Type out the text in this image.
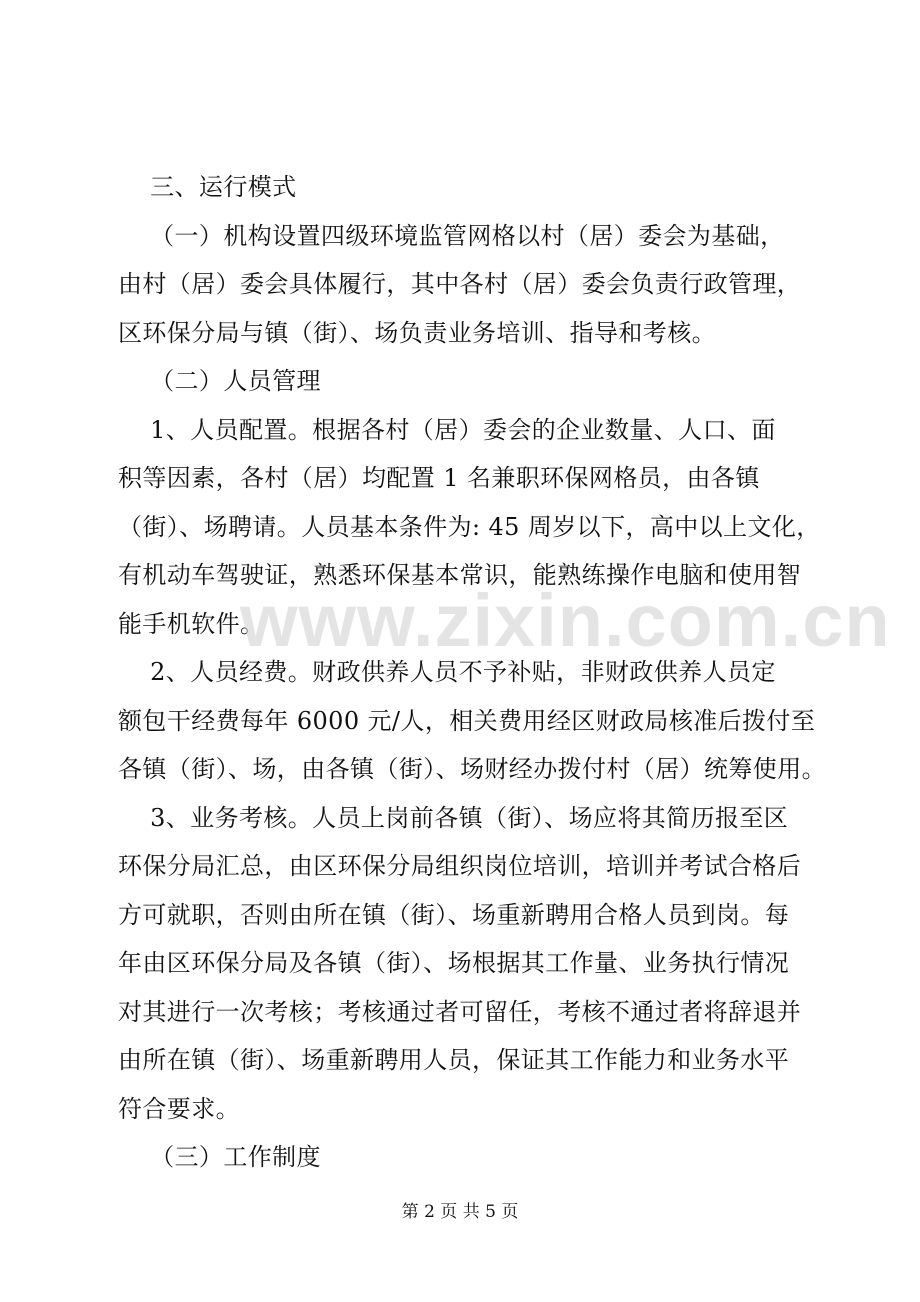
三、运行模式
（一）机构设置四级环境监管网格以村（居）委会为基础，
由村（居）委会具体履行，其中各村（居）委会负责行政管理，
区环保分局与镇（街）、场负责业务培训、指导和考核。
（二）人员管理
1、人员配置。根据各村（居）委会的企业数量、人口、面
积等因素，各村（居）均配置 1 名兼职环保网格员，由各镇
（街）、场聘请。人员基本条件为: 45 周岁以下，高中以上文化，
有机动车驾驶证，熟悉环保基本常识，能熟练操作电脑和使用智
能手机软件。
2、人员经费。财政供养人员不予补贴，非财政供养人员定
额包干经费每年 6000 元/人，相关费用经区财政局核准后拨付至
各镇（街）、场，由各镇（街）、场财经办拨付村（居）统筹使用。
3、业务考核。人员上岗前各镇（街）、场应将其简历报至区
环保分局汇总，由区环保分局组织岗位培训，培训并考试合格后
方可就职，否则由所在镇（街）、场重新聘用合格人员到岗。每
年由区环保分局及各镇（街）、场根据其工作量、业务执行情况
对其进行一次考核；考核通过者可留任，考核不通过者将辞退并
由所在镇（街）、场重新聘用人员，保证其工作能力和业务水平
符合要求。
（三）工作制度
www.zixin.com.cn
第 2 页 共 5 页
